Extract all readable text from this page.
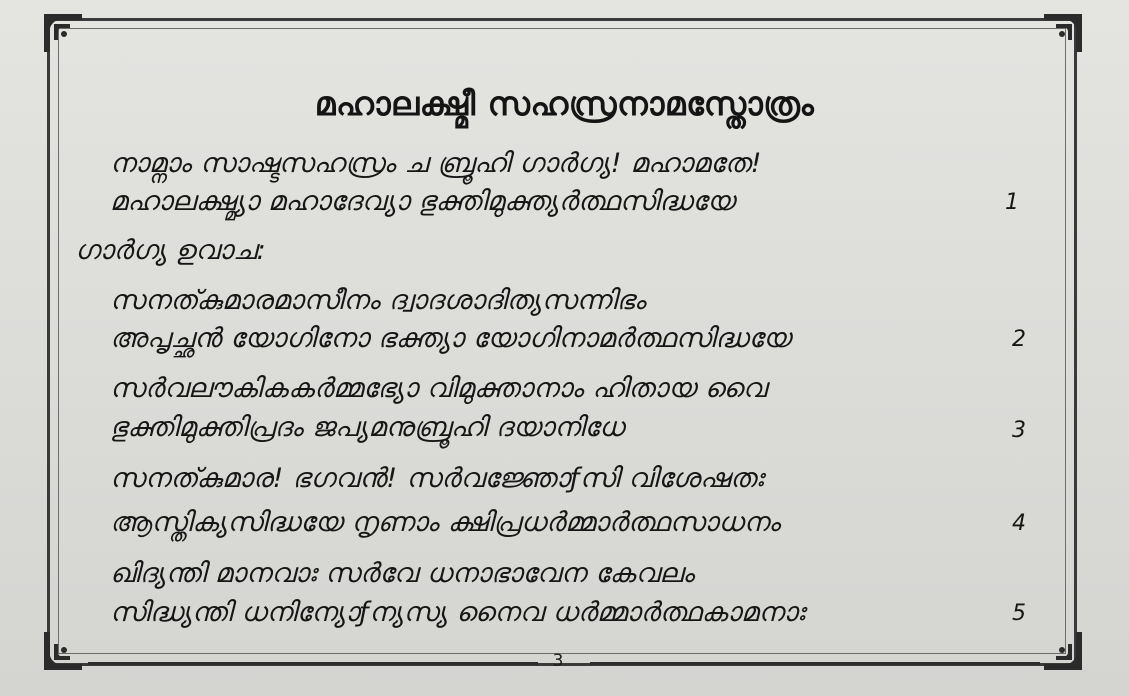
മഹാലക്ഷ്മീ സഹസ്രനാമസ്തോത്രം
നാമ്നാം സാഷ്ടസഹസ്രം ച ബ്രൂഹി ഗാർഗ്യ! മഹാമതേ!
മഹാലക്ഷ്മ്യാ മഹാദേവ്യാ ഭുക്തിമുക്ത്യർത്ഥസിദ്ധയേ	1
ഗാർഗ്യ ഉവാച:
സനത്കുമാരമാസീനം ദ്വാദശാദിത്യസന്നിഭം
അപൃച്ഛൻ യോഗിനോ ഭക്ത്യാ യോഗിനാമർത്ഥസിദ്ധയേ	2
സർവലൗകികകർമ്മഭ്യോ വിമുക്താനാം ഹിതായ വൈ
ഭുക്തിമുക്തിപ്രദം ജപ്യമനുബ്രൂഹി ദയാനിധേ	3
സനത്കുമാര! ഭഗവൻ! സർവജ്ഞോƒസി വിശേഷതഃ
ആസ്തിക്യസിദ്ധയേ നൃണാം ക്ഷിപ്രധർമ്മാർത്ഥസാധനം	4
ഖിദ്യന്തി മാനവാഃ സർവേ ധനാഭാവേന കേവലം
സിദ്ധ്യന്തി ധനിന്യോƒന്യസ്യ നൈവ ധർമ്മാർത്ഥകാമനാഃ	5
3
